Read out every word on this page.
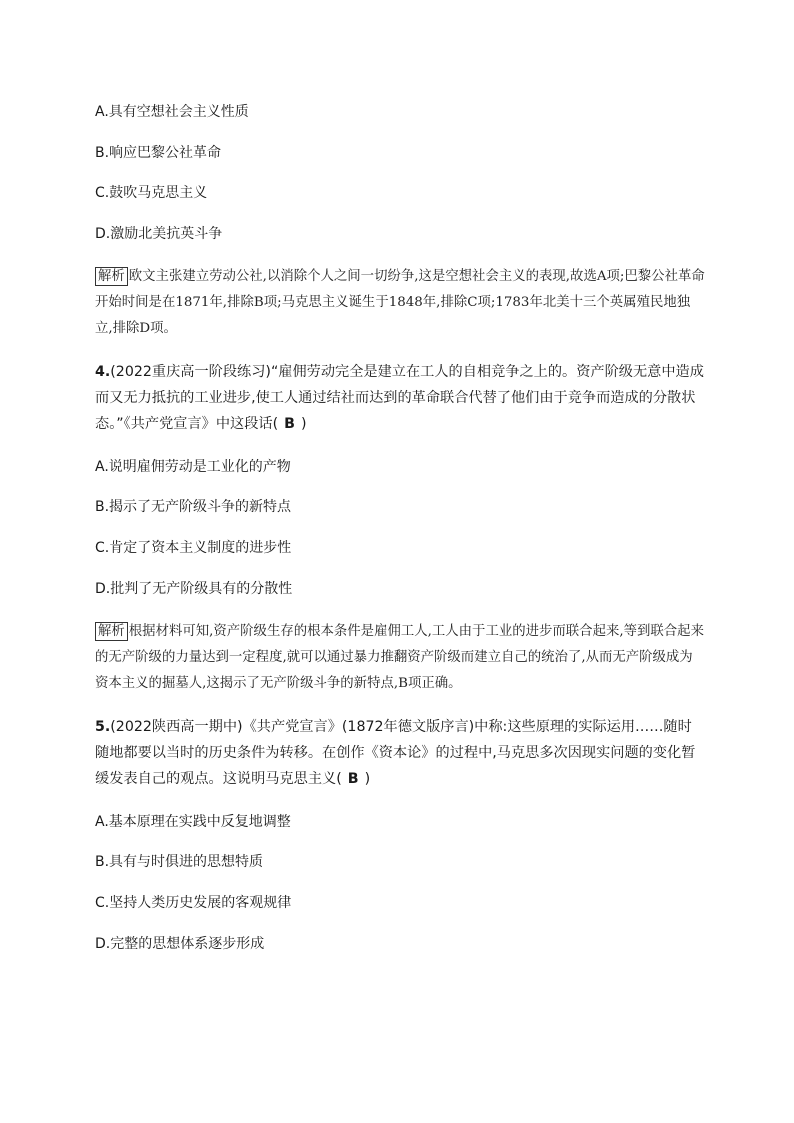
A.具有空想社会主义性质
B.响应巴黎公社革命
C.鼓吹马克思主义
D.激励北美抗英斗争
解析 欧文主张建立劳动公社,以消除个人之间一切纷争,这是空想社会主义的表现,故选A项;巴黎公社革命开始时间是在1871年,排除B项;马克思主义诞生于1848年,排除C项;1783年北美十三个英属殖民地独立,排除D项。
4.(2022重庆高一阶段练习)“雇佣劳动完全是建立在工人的自相竞争之上的。资产阶级无意中造成而又无力抵抗的工业进步,使工人通过结社而达到的革命联合代替了他们由于竞争而造成的分散状态。”《共产党宣言》中这段话( B )
A.说明雇佣劳动是工业化的产物
B.揭示了无产阶级斗争的新特点
C.肯定了资本主义制度的进步性
D.批判了无产阶级具有的分散性
解析 根据材料可知,资产阶级生存的根本条件是雇佣工人,工人由于工业的进步而联合起来,等到联合起来的无产阶级的力量达到一定程度,就可以通过暴力推翻资产阶级而建立自己的统治了,从而无产阶级成为资本主义的掘墓人,这揭示了无产阶级斗争的新特点,B项正确。
5.(2022陕西高一期中)《共产党宣言》(1872年德文版序言)中称:这些原理的实际运用……随时随地都要以当时的历史条件为转移。在创作《资本论》的过程中,马克思多次因现实问题的变化暂缓发表自己的观点。这说明马克思主义( B )
A.基本原理在实践中反复地调整
B.具有与时俱进的思想特质
C.坚持人类历史发展的客观规律
D.完整的思想体系逐步形成
